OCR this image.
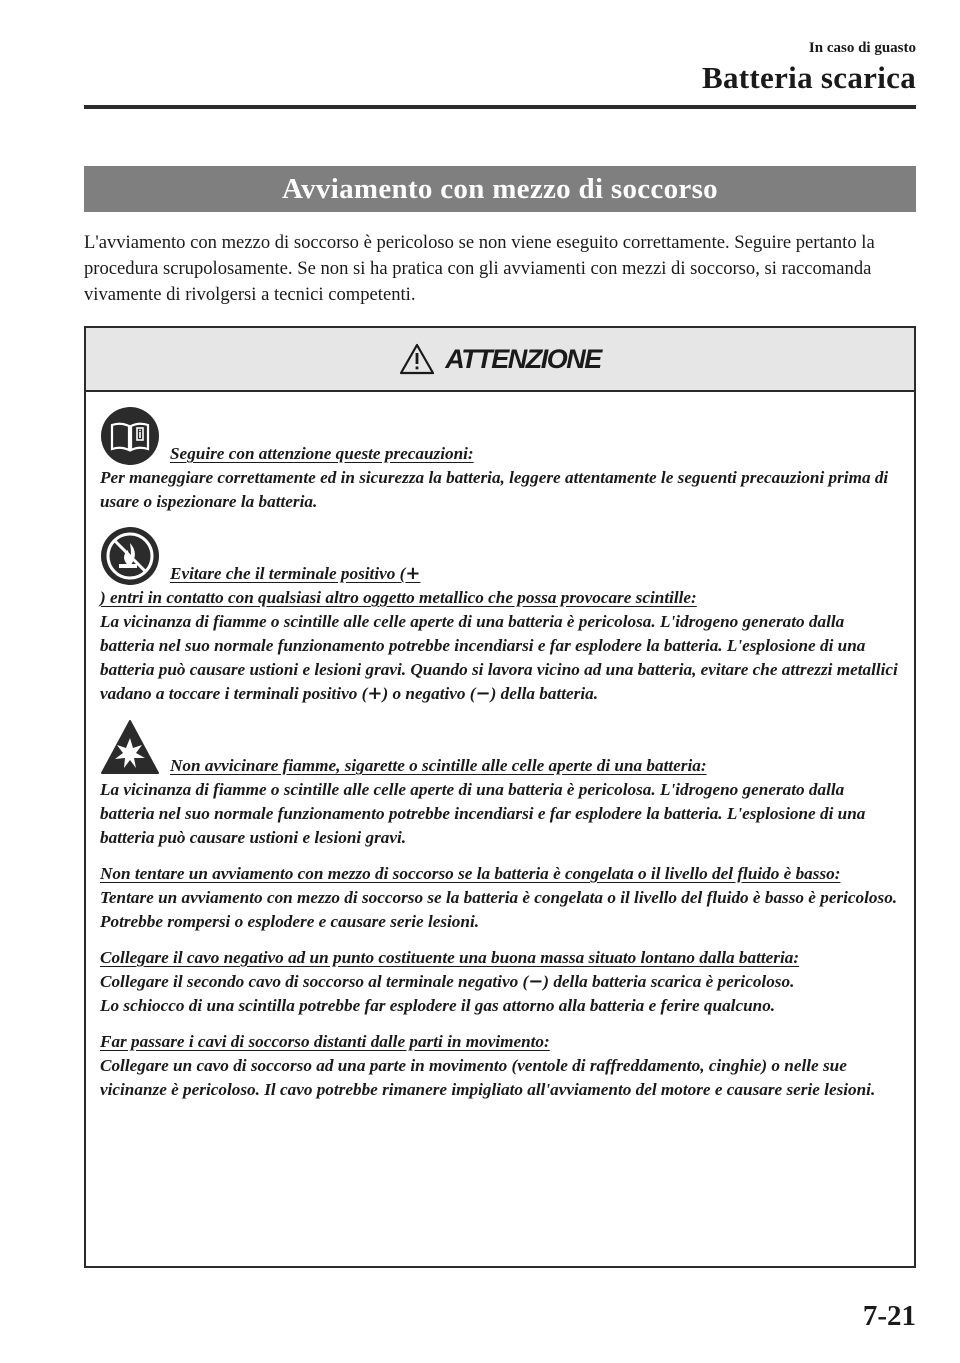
In caso di guasto
Batteria scarica
Avviamento con mezzo di soccorso

L'avviamento con mezzo di soccorso è pericoloso se non viene eseguito correttamente. Seguire pertanto la procedura scrupolosamente. Se non si ha pratica con gli avviamenti con mezzi di soccorso, si raccomanda vivamente di rivolgersi a tecnici competenti.

ATTENZIONE
Seguire con attenzione queste precauzioni:
Per maneggiare correttamente ed in sicurezza la batteria, leggere attentamente le seguenti precauzioni prima di usare o ispezionare la batteria.
Evitare che il terminale positivo (+
) entri in contatto con qualsiasi altro oggetto metallico che possa provocare scintille:
La vicinanza di fiamme o scintille alle celle aperte di una batteria è pericolosa. L'idrogeno generato dalla batteria nel suo normale funzionamento potrebbe incendiarsi e far esplodere la batteria. L'esplosione di una batteria può causare ustioni e lesioni gravi. Quando si lavora vicino ad una batteria, evitare che attrezzi metallici vadano a toccare i terminali positivo (+) o negativo (−) della batteria.
Non avvicinare fiamme, sigarette o scintille alle celle aperte di una batteria:
La vicinanza di fiamme o scintille alle celle aperte di una batteria è pericolosa. L'idrogeno generato dalla batteria nel suo normale funzionamento potrebbe incendiarsi e far esplodere la batteria. L'esplosione di una batteria può causare ustioni e lesioni gravi.
Non tentare un avviamento con mezzo di soccorso se la batteria è congelata o il livello del fluido è basso:
Tentare un avviamento con mezzo di soccorso se la batteria è congelata o il livello del fluido è basso è pericoloso. Potrebbe rompersi o esplodere e causare serie lesioni.
Collegare il cavo negativo ad un punto costituente una buona massa situato lontano dalla batteria:
Collegare il secondo cavo di soccorso al terminale negativo (−) della batteria scarica è pericoloso.
Lo schiocco di una scintilla potrebbe far esplodere il gas attorno alla batteria e ferire qualcuno.
Far passare i cavi di soccorso distanti dalle parti in movimento:
Collegare un cavo di soccorso ad una parte in movimento (ventole di raffreddamento, cinghie) o nelle sue vicinanze è pericoloso. Il cavo potrebbe rimanere impigliato all'avviamento del motore e causare serie lesioni.
7-21
